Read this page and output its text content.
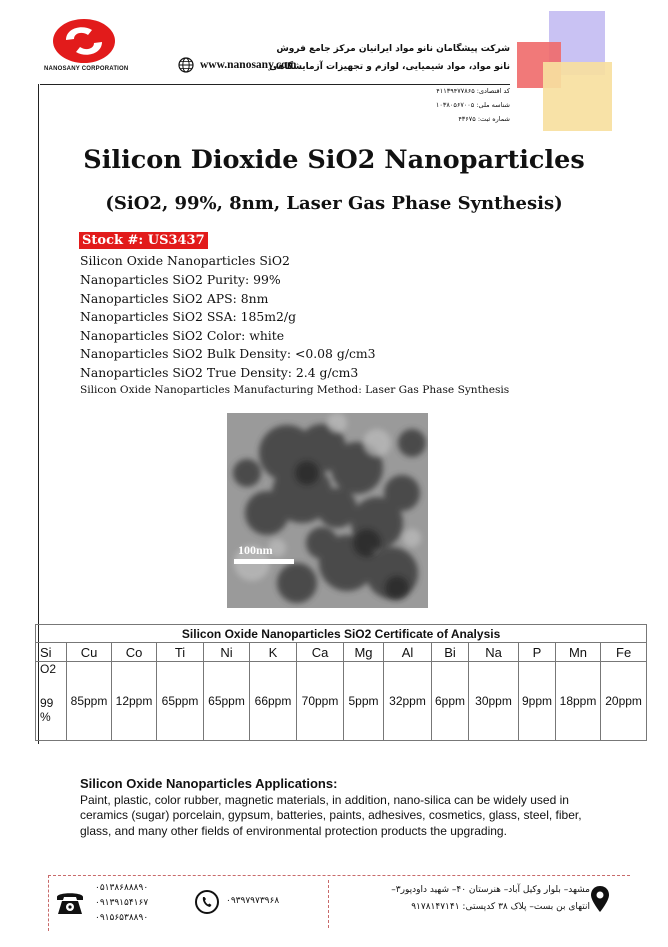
NANOSANY CORPORATION	www.nanosany.com
شرکت پیشگامان نانو مواد ایرانیان مرکز جامع فروش
نانو مواد، مواد شیمیایی، لوازم و تجهیزات آزمایشگاهی
کد اقتصادی: ۴۱۱۳۹۴۷۷۸۶۵
شناسه ملی: ۱۰۳۸۰۵۶۷۰۰۵
شماره ثبت: ۴۳۶۷۵
Silicon Dioxide SiO2 Nanoparticles
(SiO2, 99%, 8nm, Laser Gas Phase Synthesis)
Stock #: US3437
Silicon Oxide Nanoparticles SiO2
Nanoparticles SiO2 Purity: 99%
Nanoparticles SiO2 APS: 8nm
Nanoparticles SiO2 SSA: 185m2/g
Nanoparticles SiO2 Color: white
Nanoparticles SiO2 Bulk Density: <0.08 g/cm3
Nanoparticles SiO2 True Density: 2.4 g/cm3
Silicon Oxide Nanoparticles Manufacturing Method: Laser Gas Phase Synthesis
100nm
Silicon Oxide Nanoparticles SiO2 Certificate of Analysis													
Si	Cu	Co	Ti	Ni	K	Ca	Mg	Al	Bi	Na	P	Mn	Fe

O2
99 %	85ppm	12ppm	65ppm	65ppm	66ppm	70ppm	5ppm	32ppm	6ppm	30ppm	9ppm	18ppm	20ppm
Silicon Oxide Nanoparticles Applications:
Paint, plastic, color rubber, magnetic materials, in addition, nano-silica can be widely used in ceramics (sugar) porcelain, gypsum, batteries, paints, adhesives, cosmetics, glass, steel, fiber, glass, and many other fields of environmental protection products the upgrading.
۰۵۱۳۸۶۸۸۸۹۰
۰۹۱۳۹۱۵۴۱۶۷
۰۹۱۵۶۵۳۸۸۹۰
۰۹۳۹۷۹۷۳۹۶۸
مشهد– بلوار وکیل آباد– هنرستان ۴۰– شهید داودپور۳–
انتهای بن بست– پلاک ۳۸ کدپستی: ۹۱۷۸۱۴۷۱۴۱
